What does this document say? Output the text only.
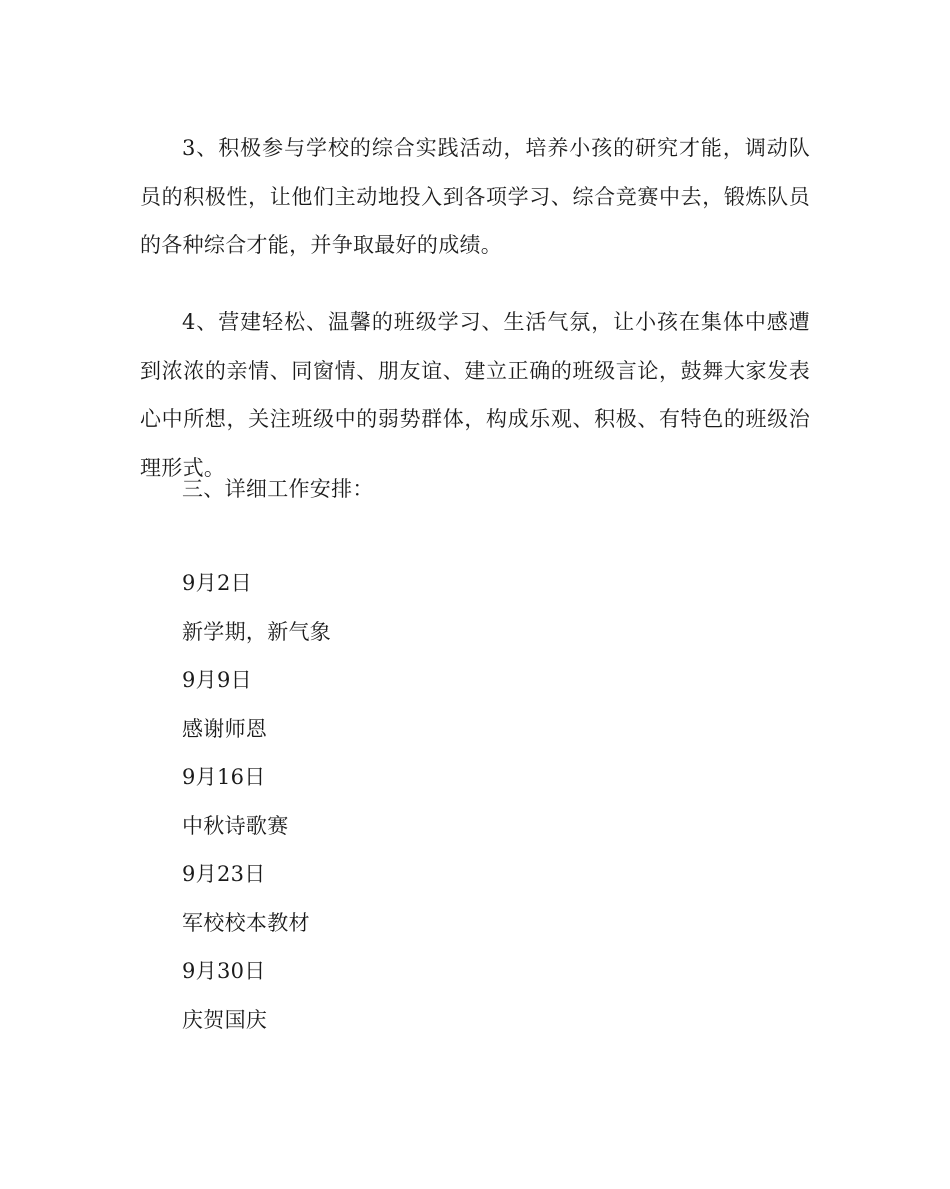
3、积极参与学校的综合实践活动，培养小孩的研究才能，调动队员的积极性，让他们主动地投入到各项学习、综合竞赛中去，锻炼队员的各种综合才能，并争取最好的成绩。

4、营建轻松、温馨的班级学习、生活气氛，让小孩在集体中感遭到浓浓的亲情、同窗情、朋友谊、建立正确的班级言论，鼓舞大家发表心中所想，关注班级中的弱势群体，构成乐观、积极、有特色的班级治理形式。

三、详细工作安排：

9月2日
新学期，新气象
9月9日
感谢师恩
9月16日
中秋诗歌赛
9月23日
军校校本教材
9月30日
庆贺国庆
